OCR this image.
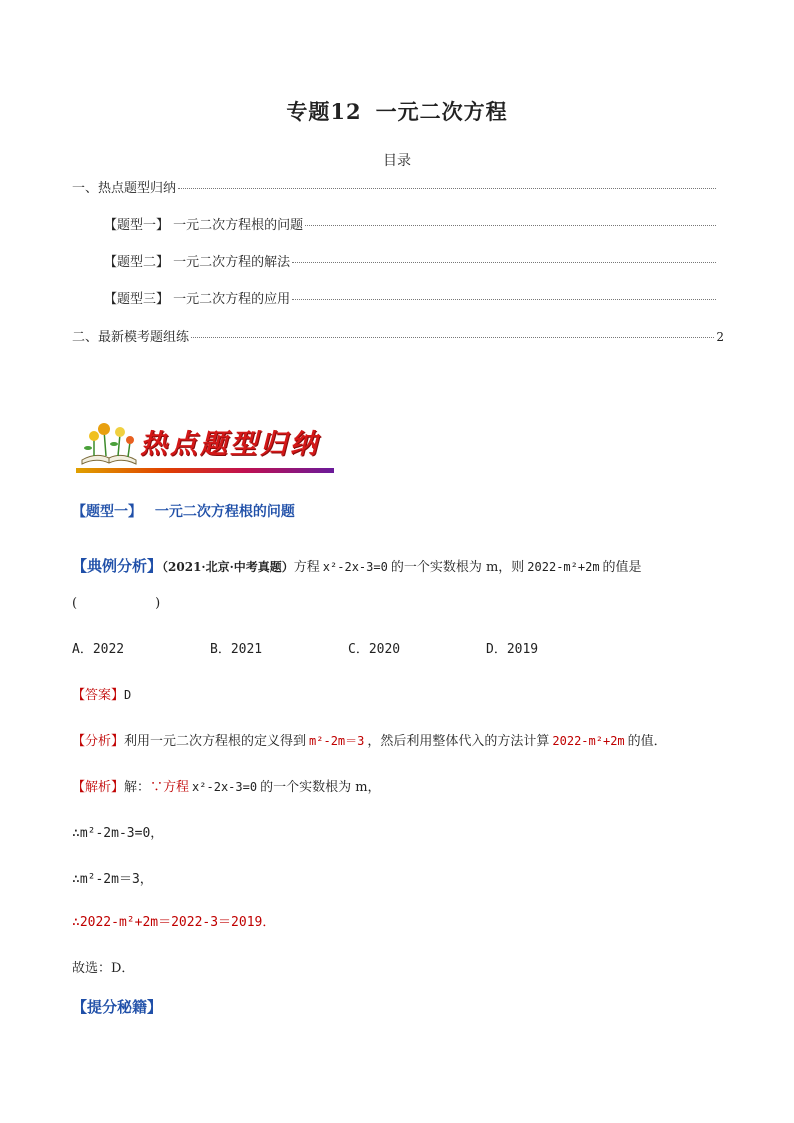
专题12 一元二次方程
目录
一、热点题型归纳
【题型一】 一元二次方程根的问题
【题型二】 一元二次方程的解法
【题型三】 一元二次方程的应用
二、最新模考题组练	2
热点题型归纳
【题型一】 一元二次方程根的问题
【典例分析】（2021·北京·中考真题）方程 x²-2x-3=0 的一个实数根为 m，则 2022-m²+2m 的值是
(　　　　　　)
A．2022	B．2021	C．2020	D．2019
【答案】D
【分析】利用一元二次方程根的定义得到 m²-2m＝3 ，然后利用整体代入的方法计算 2022-m²+2m 的值．
【解析】解：∵方程 x²-2x-3=0 的一个实数根为 m，
∴m²-2m-3=0，
∴m²-2m＝3，
∴2022-m²+2m＝2022-3＝2019．
故选：D．
【提分秘籍】
